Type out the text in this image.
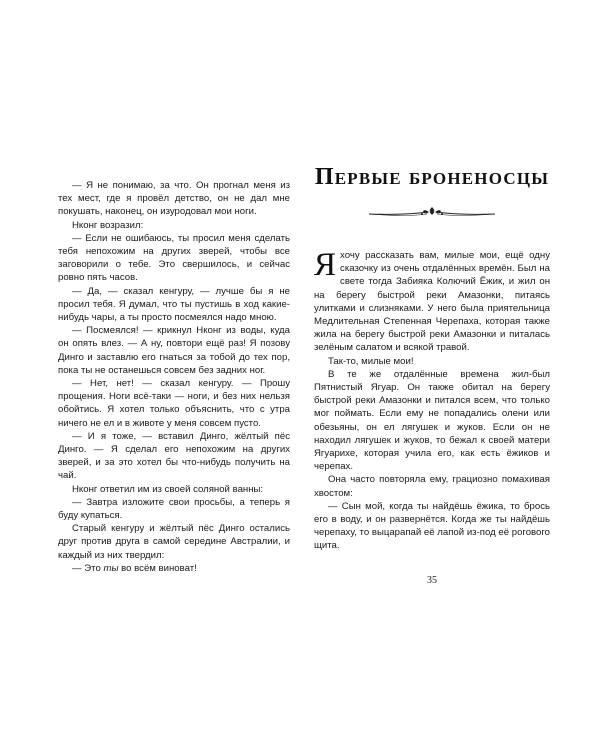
— Я не понимаю, за что. Он прогнал меня из тех мест, где я провёл детство, он не дал мне покушать, наконец, он изуродовал мои ноги.

Нконг возразил:

— Если не ошибаюсь, ты просил меня сделать тебя непохожим на других зверей, чтобы все заговорили о тебе. Это свершилось, и сейчас ровно пять часов.

— Да, — сказал кенгуру, — лучше бы я не просил тебя. Я думал, что ты пустишь в ход какие-нибудь чары, а ты просто посмеялся надо мною.

— Посмеялся! — крикнул Нконг из воды, куда он опять влез. — А ну, повтори ещё раз! Я позову Динго и заставлю его гнаться за тобой до тех пор, пока ты не останешься совсем без задних ног.

— Нет, нет! — сказал кенгуру. — Прошу прощения. Ноги всё-таки — ноги, и без них нельзя обойтись. Я хотел только объяснить, что с утра ничего не ел и в животе у меня совсем пусто.

— И я тоже, — вставил Динго, жёлтый пёс Динго. — Я сделал его непохожим на других зверей, и за это хотел бы что-нибудь получить на чай.

Нконг ответил им из своей соляной ванны:

— Завтра изложите свои просьбы, а теперь я буду купаться.

Старый кенгуру и жёлтый пёс Динго остались друг против друга в самой середине Австралии, и каждый из них твердил:

— Это ты во всём виноват!

Первые броненосцы

Яхочу рассказать вам, милые мои, ещё одну сказочку из очень отдалённых времён. Был на свете тогда Забияка Колючий Ёжик, и жил он на берегу быстрой реки Амазонки, питаясь улитками и слизняками. У него была приятельница Медлительная Степенная Черепаха, которая также жила на берегу быстрой реки Амазонки и питалась зелёным салатом и всякой травой.

Так-то, милые мои!

В те же отдалённые времена жил-был Пятнистый Ягуар. Он также обитал на берегу быстрой реки Амазонки и питался всем, что только мог поймать. Если ему не попадались олени или обезьяны, он ел лягушек и жуков. Если он не находил лягушек и жуков, то бежал к своей матери Ягуарихе, которая учила его, как есть ёжиков и черепах.

Она часто повторяла ему, грациозно помахивая хвостом:

— Сын мой, когда ты найдёшь ёжика, то брось его в воду, и он развернётся. Когда же ты найдёшь черепаху, то выцарапай её лапой из-под её рогового щита.

35
